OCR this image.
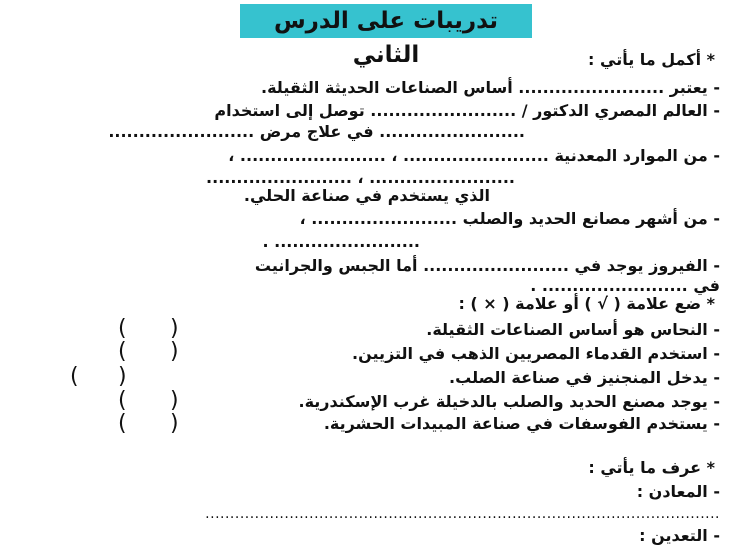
تدريبات على الدرس الثاني	* أكمل ما يأتي :
- يعتبر ........................ أساس الصناعات الحديثة الثقيلة.
- العالم المصري الدكتور / ........................ توصل إلى استخدام
........................ في علاج مرض ........................
- من الموارد المعدنية ........................ ، ........................ ،
........................ ، ........................
الذي يستخدم في صناعة الحلي.
- من أشهر مصانع الحديد والصلب ........................ ،
........................ .
- الفيروز يوجد في ........................ أما الجبس والجرانيت
في ........................ .
* ضع علامة ( √ ) أو علامة ( × ) :
- النحاس هو أساس الصناعات الثقيلة.
- استخدم القدماء المصريين الذهب في التزيين.
- يدخل المنجنيز في صناعة الصلب.
- يوجد مصنع الحديد والصلب بالدخيلة غرب الإسكندرية.
- يستخدم الفوسفات في صناعة المبيدات الحشرية.
)
(
)
(
)
(
)
(
)
(
* عرف ما يأتي :
- المعادن :
........................................................................................................
- التعدين :
